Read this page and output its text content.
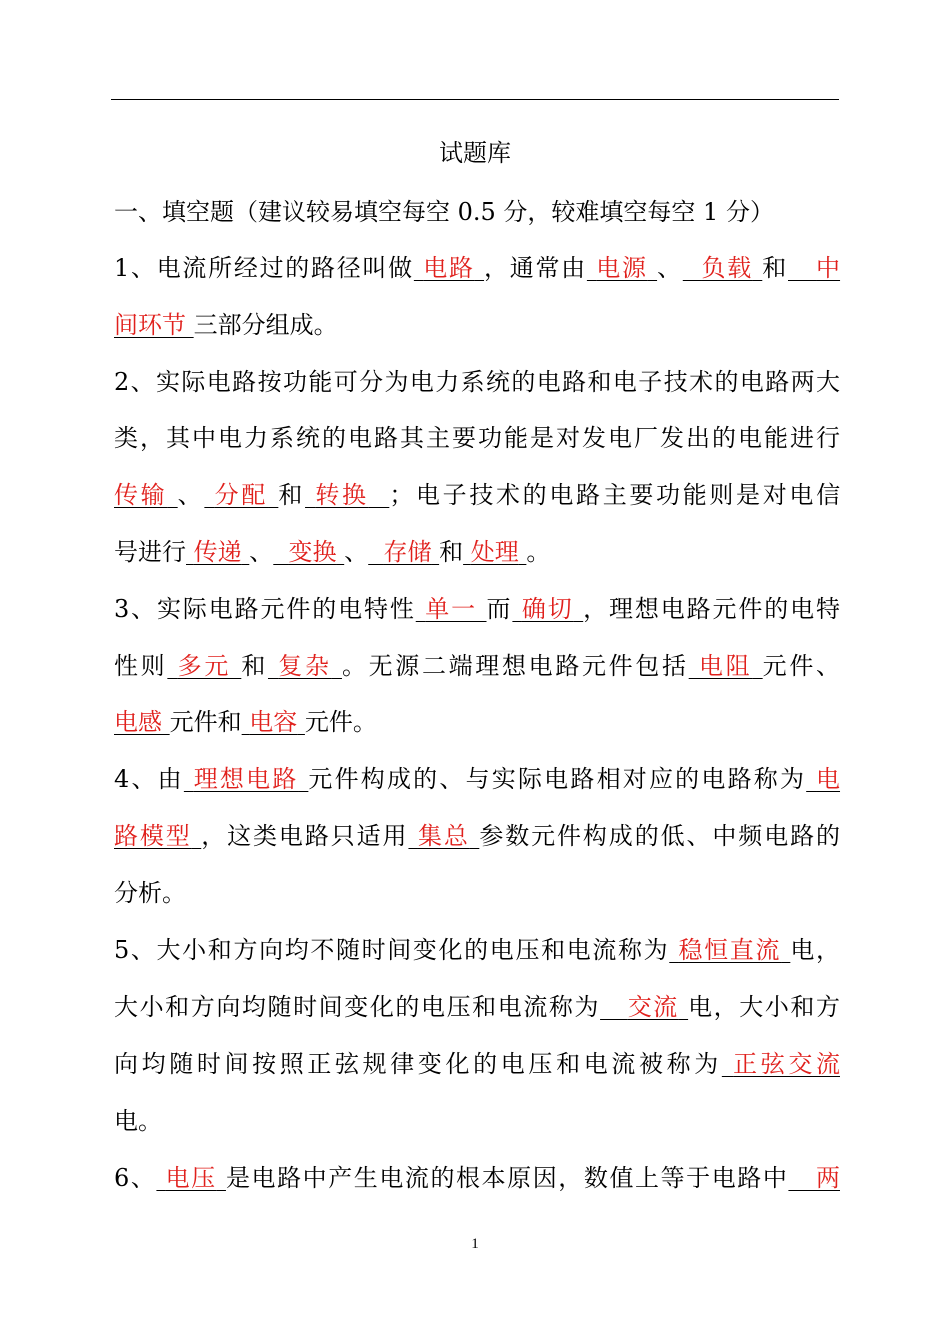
试题库
一、填空题（建议较易填空每空 0.5 分，较难填空每空 1 分）
1、电流所经过的路径叫做 电路 ，通常由 电源 、 负载 和 中
间环节 三部分组成。
2、实际电路按功能可分为电力系统的电路和电子技术的电路两大
类，其中电力系统的电路其主要功能是对发电厂发出的电能进行
传输 、 分配 和 转换 ；电子技术的电路主要功能则是对电信
号进行 传递 、 变换 、 存储 和 处理 。
3、实际电路元件的电特性 单一 而 确切 ，理想电路元件的电特
性则 多元 和 复杂 。无源二端理想电路元件包括 电阻 元件、
电感 元件和 电容 元件。
4、由 理想电路 元件构成的、与实际电路相对应的电路称为 电
路模型 ，这类电路只适用 集总 参数元件构成的低、中频电路的
分析。
5、大小和方向均不随时间变化的电压和电流称为 稳恒直流 电，
大小和方向均随时间变化的电压和电流称为 交流 电，大小和方
向均随时间按照正弦规律变化的电压和电流被称为 正弦交流
电。
6、 电压 是电路中产生电流的根本原因，数值上等于电路中 两
1
